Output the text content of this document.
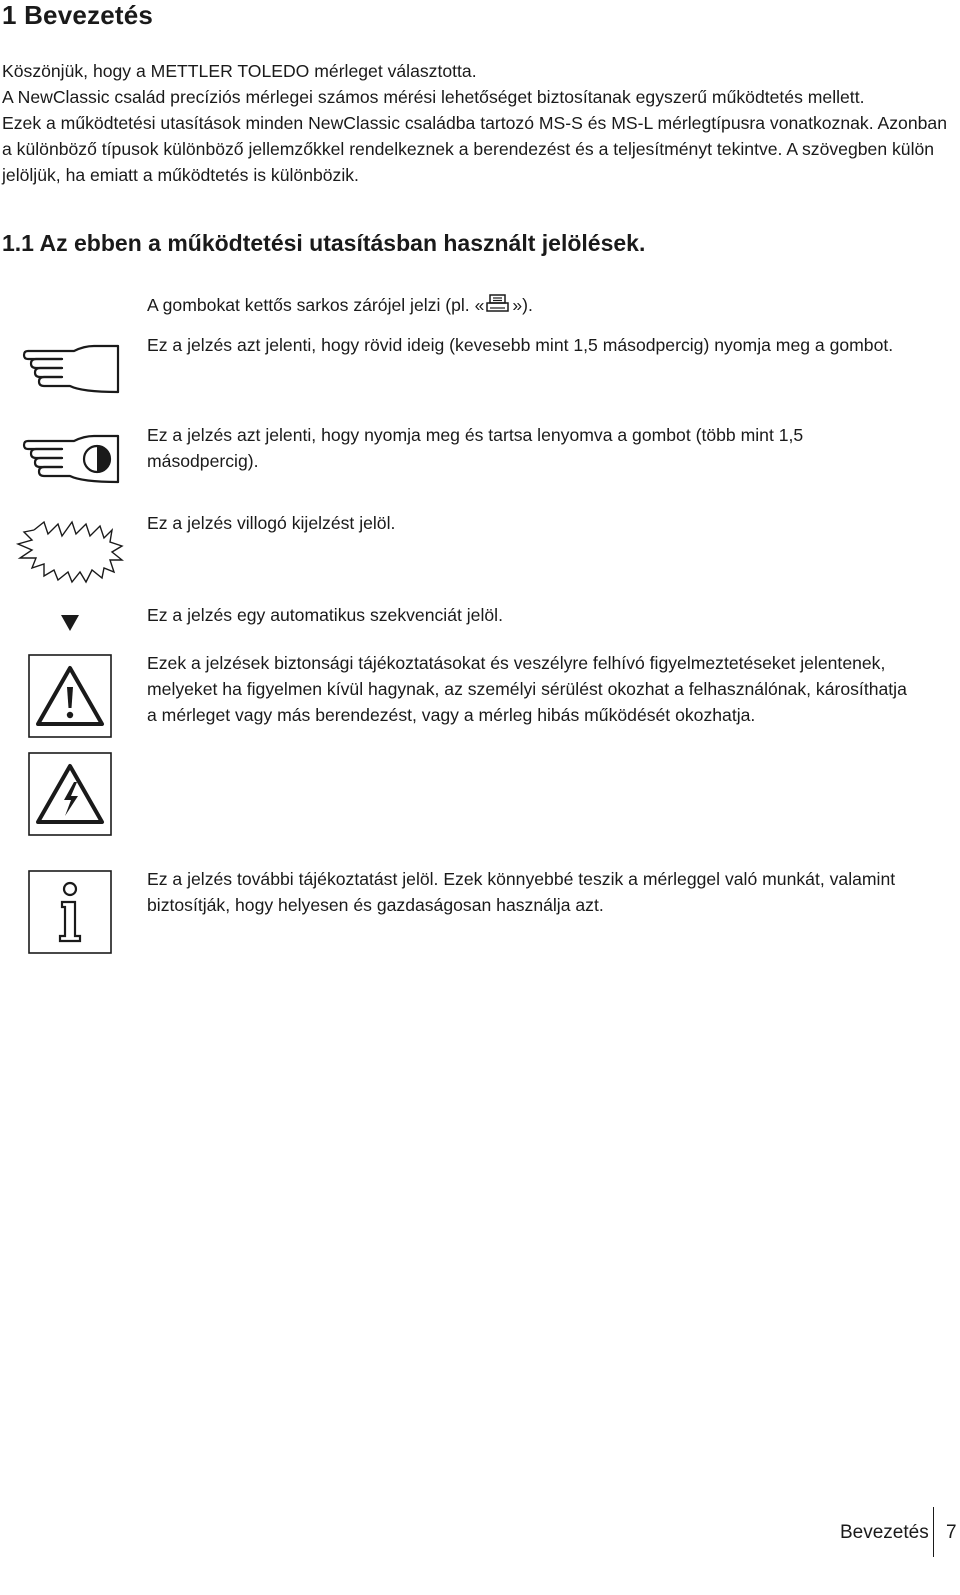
1 Bevezetés

Köszönjük, hogy a METTLER TOLEDO mérleget választotta.

A NewClassic család precíziós mérlegei számos mérési lehetőséget biztosítanak egyszerű működtetés mellett.

Ezek a működtetési utasítások minden NewClassic családba tartozó MS-S és MS-L mérlegtípusra vonatkoznak. Azonban a különböző típusok különböző jellemzőkkel rendelkeznek a berendezést és a teljesítményt tekintve. A szövegben külön jelöljük, ha emiatt a működtetés is különbözik.

1.1 Az ebben a működtetési utasításban használt jelölések.

A gombokat kettős sarkos zárójel jelzi (pl. « »).

Ez a jelzés azt jelenti, hogy rövid ideig (kevesebb mint 1,5 másodpercig) nyomja meg a gombot.

Ez a jelzés azt jelenti, hogy nyomja meg és tartsa lenyomva a gombot (több mint 1,5 másodpercig).

Ez a jelzés villogó kijelzést jelöl.

Ez a jelzés egy automatikus szekvenciát jelöl.

Ezek a jelzések biztonsági tájékoztatásokat és veszélyre felhívó figyelmeztetéseket jelentenek, melyeket ha figyelmen kívül hagynak, az személyi sérülést okozhat a felhasználónak, károsíthatja a mérleget vagy más berendezést, vagy a mérleg hibás működését okozhatja.

Ez a jelzés további tájékoztatást jelöl. Ezek könnyebbé teszik a mérleggel való munkát, valamint biztosítják, hogy helyesen és gazdaságosan használja azt.

Bevezetés 7
